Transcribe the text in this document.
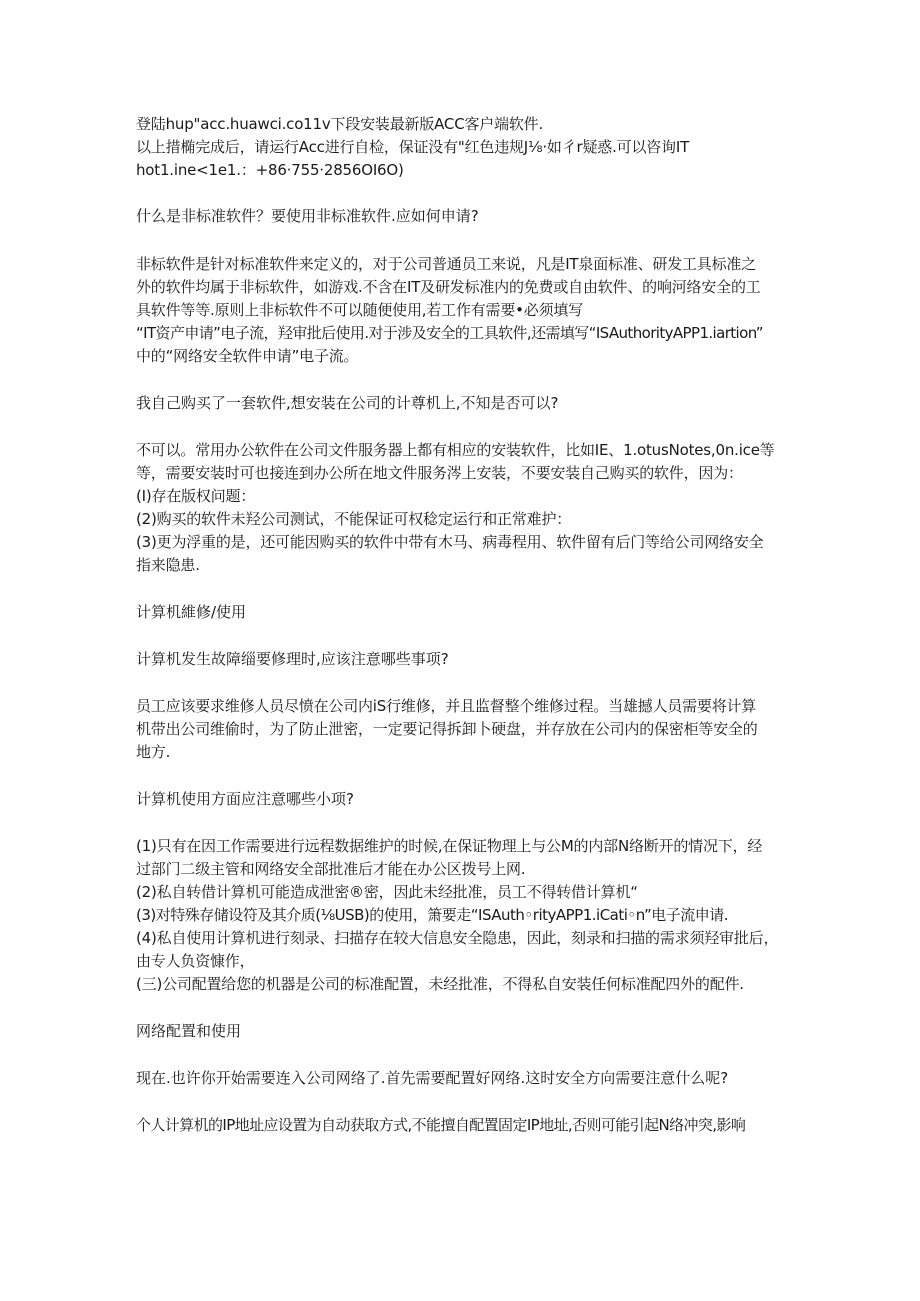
登陆hup"acc.huawci.co11v下段安装最新版ACC客户端软件.
以上措椭完成后，请运行Acc进行自检，保证没有"红色违规J⅛·如彳r疑惑.可以咨询IT
hot1.ine<1e1.：+86·755·2856OI6O)
什么是非标准软件？要使用非标准软件.应如何申请?
非标软件是针对标准软件来定义的，对于公司普通员工来说，凡是IT泉面标准、研发工具标准之
外的软件均属于非标软件，如游戏.不含在IT及研发标准内的免费或自由软件、的响河络安全的工
具软件等等.原则上非标软件不可以随便使用,若工作有需要•必须填写
“IT资产申请”电子流，羟审批后使用.对于涉及安全的工具软件,还需填写“ISAuthorityAPP1.iartion”
中的“网络安全软件申请”电子流。
我自己购买了一套软件,想安装在公司的计尊机上,不知是否可以?
不可以。常用办公软件在公司文件服务器上都有相应的安装软件，比如IE、1.otusNotes,0n.ice等
等，需要安装时可也接连到办公所在地文件服务涔上安装，不要安装自己购买的软件，因为：
(I)存在版权问题：
(2)购买的软件未羟公司测试，不能保证可权稔定运行和正常难护：
(3)更为浮重的是，还可能因购买的软件中带有木马、病毒程用、软件留有后门等给公司网络安全
指来隐患.
计算机維修/使用
计算机发生故障缁要修理时,应该注意哪些事项?
员工应该要求维修人员尽愤在公司内iS行维修，并且监督整个维修过程。当雄撼人员需要将计算
机带出公司维偷时，为了防止泄密，一定要记得拆卸卜硬盘，并存放在公司内的保密柜等安全的
地方.
计算机使用方面应注意哪些小项?
(1)只有在因工作需要进行远程数据维护的时候,在保证物理上与公M的内部N络断开的情况下，经
过部门二级主管和网络安全部批准后才能在办公区拨号上网.
(2)私自转借计算机可能造成泄密®密，因此未经批准，员工不得转借计算机“
(3)对特殊存储设符及其介质(⅛USB)的使用，箫要走“ISAuth◦rityAPP1.iCati◦n”电子流申请.
(4)私自使用计算机进行刻录、扫描存在较大信息安全隐患，因此，刻录和扫描的需求须羟审批后，
由专人负资慷作，
(三)公司配置给您的机器是公司的标准配置，未经批准，不得私自安装任何标准配四外的配件.
网络配置和使用
现在.也许你开始需要连入公司网络了.首先需要配置好网络.这时安全方向需要注意什么呢?
个人计算机的IP地址应设置为自动获取方式,不能擅自配置固定IP地址,否则可能引起N络冲突,影响
